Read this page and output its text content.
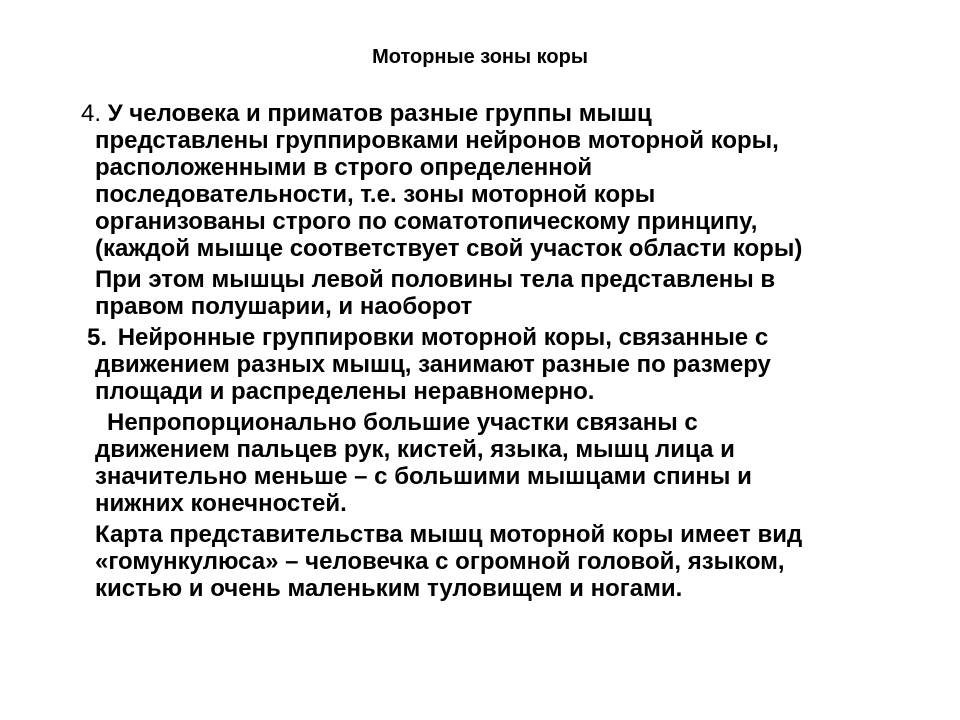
Моторные зоны коры
4. У человека и приматов разные группы мышц
представлены группировками нейронов моторной коры,
расположенными в строго определенной
последовательности, т.е. зоны моторной коры
организованы строго по соматотопическому принципу,
(каждой мышце соответствует свой участок области коры)
При этом мышцы левой половины тела представлены в
правом полушарии, и наоборот
5. Нейронные группировки моторной коры, связанные с
движением разных мышц, занимают разные по размеру
площади и распределены неравномерно.
Непропорционально большие участки связаны с
движением пальцев рук, кистей, языка, мышц лица и
значительно меньше – с большими мышцами спины и
нижних конечностей.
Карта представительства мышц моторной коры имеет вид
«гомункулюса» – человечка с огромной головой, языком,
кистью и очень маленьким туловищем и ногами.
